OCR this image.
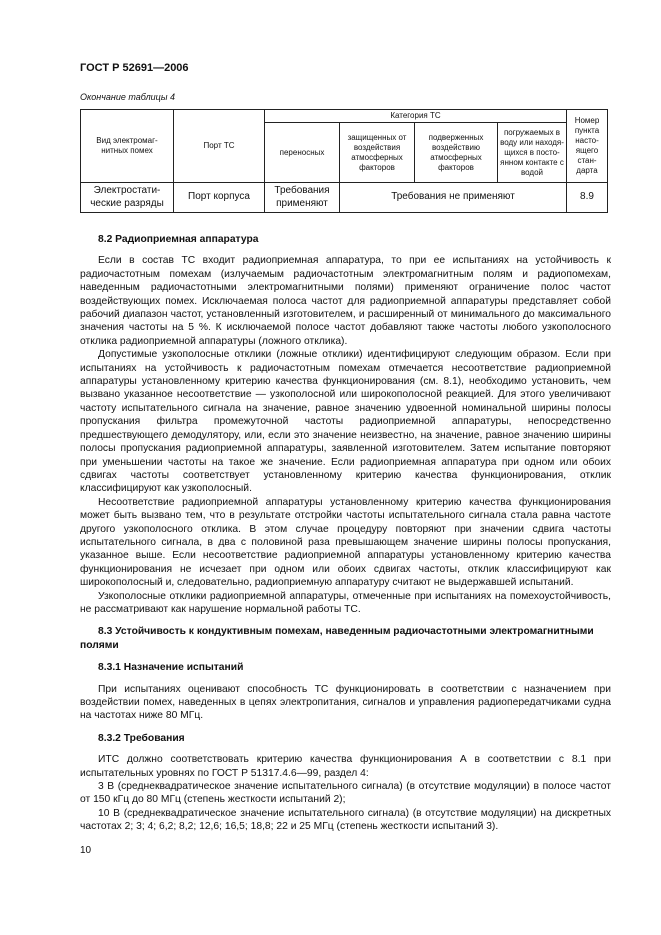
ГОСТ Р 52691—2006
Окончание таблицы 4
Вид электромаг-нитных помех	Порт ТС	Категория ТС				Номер пункта насто-ящего стан-дарта
		переносных	защищенных от воздействия атмосферных факторов	подверженных воздействию атмосферных факторов	погружаемых в воду или находя-щихся в посто-янном контакте с водой	
Электростати-ческие разряды	Порт корпуса	Требования применяют	Требования не применяют			8.9
8.2 Радиоприемная аппаратура

Если в состав ТС входит радиоприемная аппаратура, то при ее испытаниях на устойчивость к радиочастотным помехам (излучаемым радиочастотным электромагнитным полям и радиопомехам, наведенным радиочастотными электромагнитными полями) применяют ограничение полос частот воздействующих помех. Исключаемая полоса частот для радиоприемной аппаратуры представляет собой рабочий диапазон частот, установленный изготовителем, и расширенный от минимального до максимального значения частоты на 5 %. К исключаемой полосе частот добавляют также частоты любого узкополосного отклика радиоприемной аппаратуры (ложного отклика).

Допустимые узкополосные отклики (ложные отклики) идентифицируют следующим образом. Если при испытаниях на устойчивость к радиочастотным помехам отмечается несоответствие радиоприемной аппаратуры установленному критерию качества функционирования (см. 8.1), необходимо установить, чем вызвано указанное несоответствие — узкополосной или широкополосной реакцией. Для этого увеличивают частоту испытательного сигнала на значение, равное значению удвоенной номинальной ширины полосы пропускания фильтра промежуточной частоты радиоприемной аппаратуры, непосредственно предшествующего демодулятору, или, если это значение неизвестно, на значение, равное значению ширины полосы пропускания радиоприемной аппаратуры, заявленной изготовителем. Затем испытание повторяют при уменьшении частоты на такое же значение. Если радиоприемная аппаратура при одном или обоих сдвигах частоты соответствует установленному критерию качества функционирования, отклик классифицируют как узкополосный.

Несоответствие радиоприемной аппаратуры установленному критерию качества функционирования может быть вызвано тем, что в результате отстройки частоты испытательного сигнала стала равна частоте другого узкополосного отклика. В этом случае процедуру повторяют при значении сдвига частоты испытательного сигнала, в два с половиной раза превышающем значение ширины полосы пропускания, указанное выше. Если несоответствие радиоприемной аппаратуры установленному критерию качества функционирования не исчезает при одном или обоих сдвигах частоты, отклик классифицируют как широкополосный и, следовательно, радиоприемную аппаратуру считают не выдержавшей испытаний.

Узкополосные отклики радиоприемной аппаратуры, отмеченные при испытаниях на помехоустойчивость, не рассматривают как нарушение нормальной работы ТС.

8.3 Устойчивость к кондуктивным помехам, наведенным радиочастотными электромагнитными полями
8.3.1 Назначение испытаний

При испытаниях оценивают способность ТС функционировать в соответствии с назначением при воздействии помех, наведенных в цепях электропитания, сигналов и управления радиопередатчиками судна на частотах ниже 80 МГц.

8.3.2 Требования

ИТС должно соответствовать критерию качества функционирования А в соответствии с 8.1 при испытательных уровнях по ГОСТ Р 51317.4.6—99, раздел 4:

3 В (среднеквадратическое значение испытательного сигнала) (в отсутствие модуляции) в полосе частот от 150 кГц до 80 МГц (степень жесткости испытаний 2);

10 В (среднеквадратическое значение испытательного сигнала) (в отсутствие модуляции) на дискретных частотах 2; 3; 4; 6,2; 8,2; 12,6; 16,5; 18,8; 22 и 25 МГц (степень жесткости испытаний 3).

10
